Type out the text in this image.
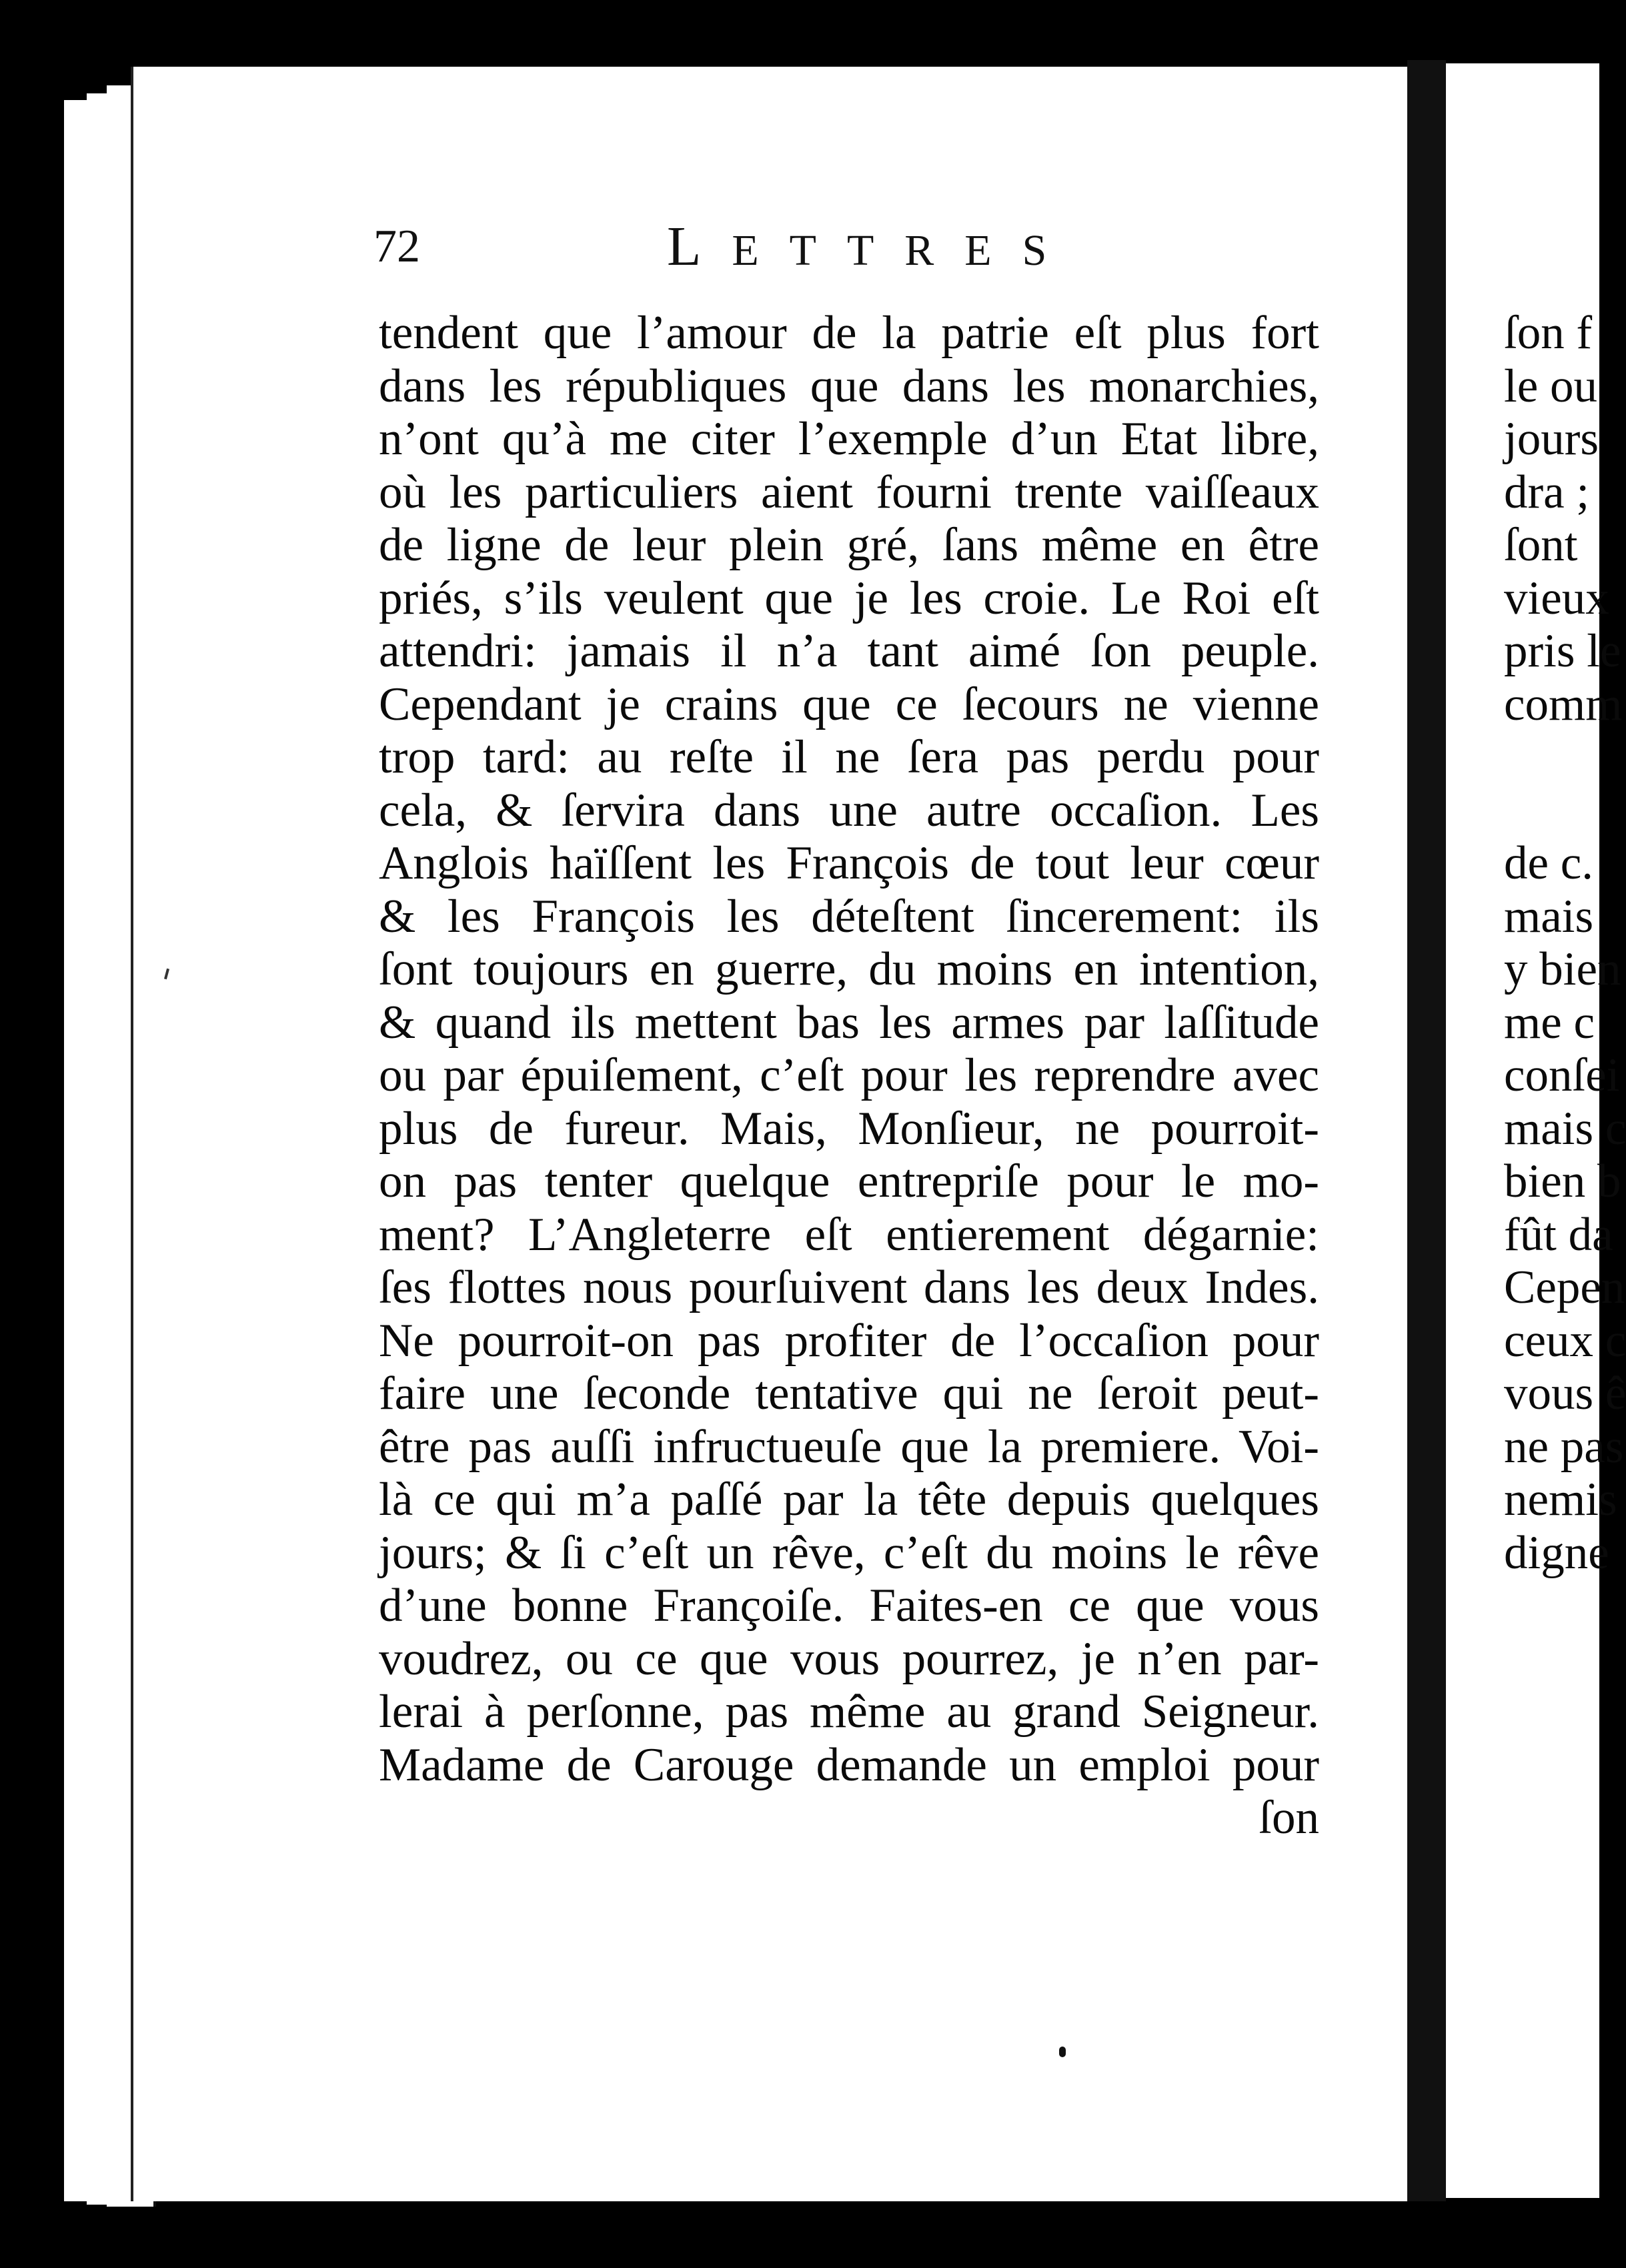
72	LETTRES
tendent que l’amour de la patrie eſt plus fort
dans les républiques que dans les monarchies,
n’ont qu’à me citer l’exemple d’un Etat libre,
où les particuliers aient fourni trente vaiſſeaux
de ligne de leur plein gré, ſans même en être
priés, s’ils veulent que je les croie. Le Roi eſt
attendri: jamais il n’a tant aimé ſon peuple.
Cependant je crains que ce ſecours ne vienne
trop tard: au reſte il ne ſera pas perdu pour
cela, & ſervira dans une autre occaſion. Les
Anglois haïſſent les François de tout leur cœur
& les François les déteſtent ſincerement: ils
ſont toujours en guerre, du moins en intention,
& quand ils mettent bas les armes par laſſitude
ou par épuiſement, c’eſt pour les reprendre avec
plus de fureur. Mais, Monſieur, ne pourroit-
on pas tenter quelque entrepriſe pour le mo-
ment? L’Angleterre eſt entierement dégarnie:
ſes flottes nous pourſuivent dans les deux Indes.
Ne pourroit-on pas profiter de l’occaſion pour
faire une ſeconde tentative qui ne ſeroit peut-
être pas auſſi infructueuſe que la premiere. Voi-
là ce qui m’a paſſé par la tête depuis quelques
jours; & ſi c’eſt un rêve, c’eſt du moins le rêve
d’une bonne Françoiſe. Faites-en ce que vous
voudrez, ou ce que vous pourrez, je n’en par-
lerai à perſonne, pas même au grand Seigneur.
Madame de Carouge demande un emploi pour
ſon
ſon f
le ou
jours
dra ;
ſont
vieux
pris le
comm
de c.
mais
y bien
me c
conſei
mais c
bien b
fût da
Cepen
ceux c
vous ê
ne pas
nemis
digne
